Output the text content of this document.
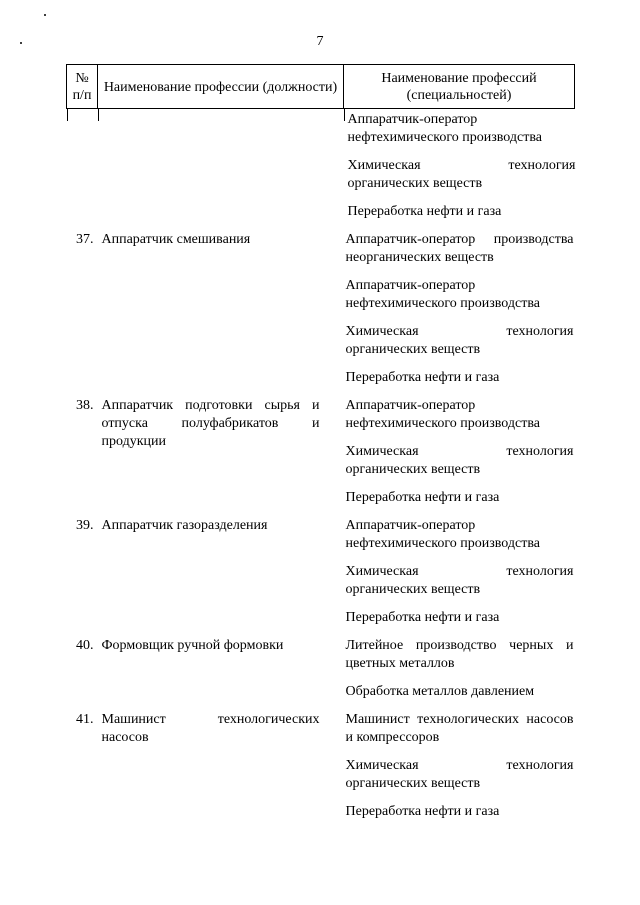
7
№ п/п	Наименование профессии (должности)	Наименование профессий (специальностей)

		Аппаратчик-оператор нефтехимического производства
Химическая технология органических веществ
Переработка нефти и газа

37.	Аппаратчик смешивания	Аппаратчик-оператор производства неорганических веществ
Аппаратчик-оператор нефтехимического производства
Химическая технология органических веществ
Переработка нефти и газа

38.	Аппаратчик подготовки сырья и отпуска полуфабрикатов и продукции	Аппаратчик-оператор нефтехимического производства
Химическая технология органических веществ
Переработка нефти и газа

39.	Аппаратчик газоразделения	Аппаратчик-оператор нефтехимического производства
Химическая технология органических веществ
Переработка нефти и газа

40.	Формовщик ручной формовки	Литейное производство черных и цветных металлов
Обработка металлов давлением

41.	Машинист технологических насосов	Машинист технологических насосов и компрессоров
Химическая технология органических веществ
Переработка нефти и газа
